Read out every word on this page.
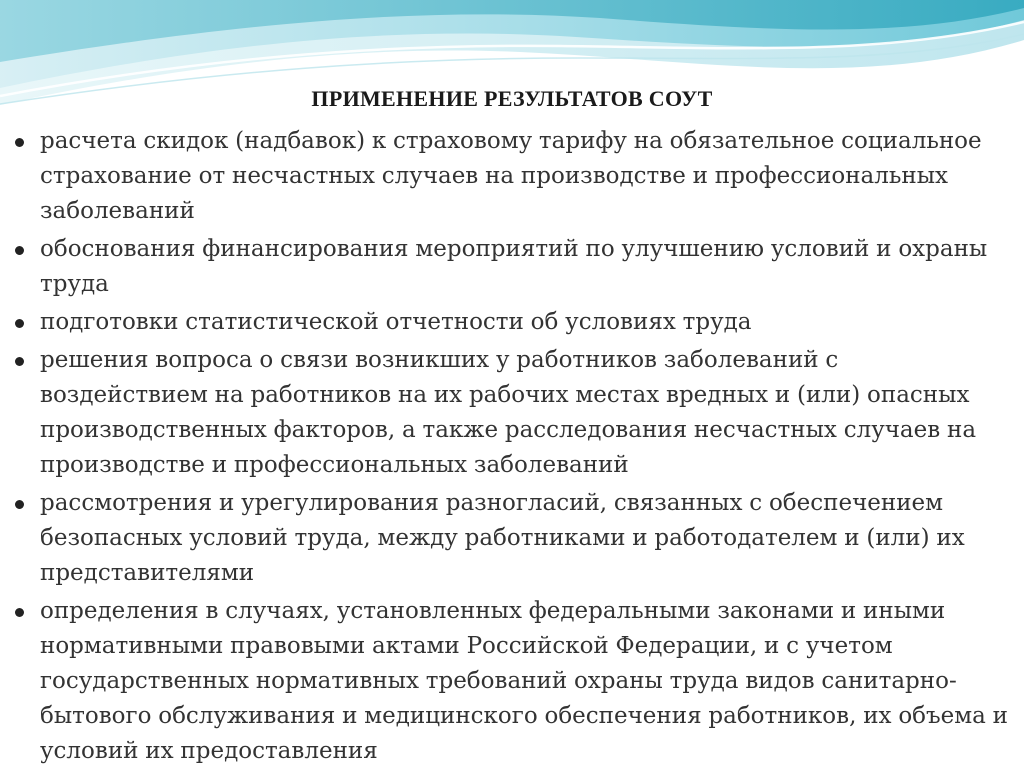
ПРИМЕНЕНИЕ РЕЗУЛЬТАТОВ СОУТ
расчета скидок (надбавок) к страховому тарифу на обязательное социальное страхование от несчастных случаев на производстве и профессиональных заболеваний
обоснования финансирования мероприятий по улучшению условий и охраны труда
подготовки статистической отчетности об условиях труда
решения вопроса о связи возникших у работников заболеваний с воздействием на работников на их рабочих местах вредных и (или) опасных производственных факторов, а также расследования несчастных случаев на производстве и профессиональных заболеваний
рассмотрения и урегулирования разногласий, связанных с обеспечением безопасных условий труда, между работниками и работодателем и (или) их представителями
определения в случаях, установленных федеральными законами и иными нормативными правовыми актами Российской Федерации, и с учетом государственных нормативных требований охраны труда видов санитарно-бытового обслуживания и медицинского обеспечения работников, их объема и условий их предоставления
